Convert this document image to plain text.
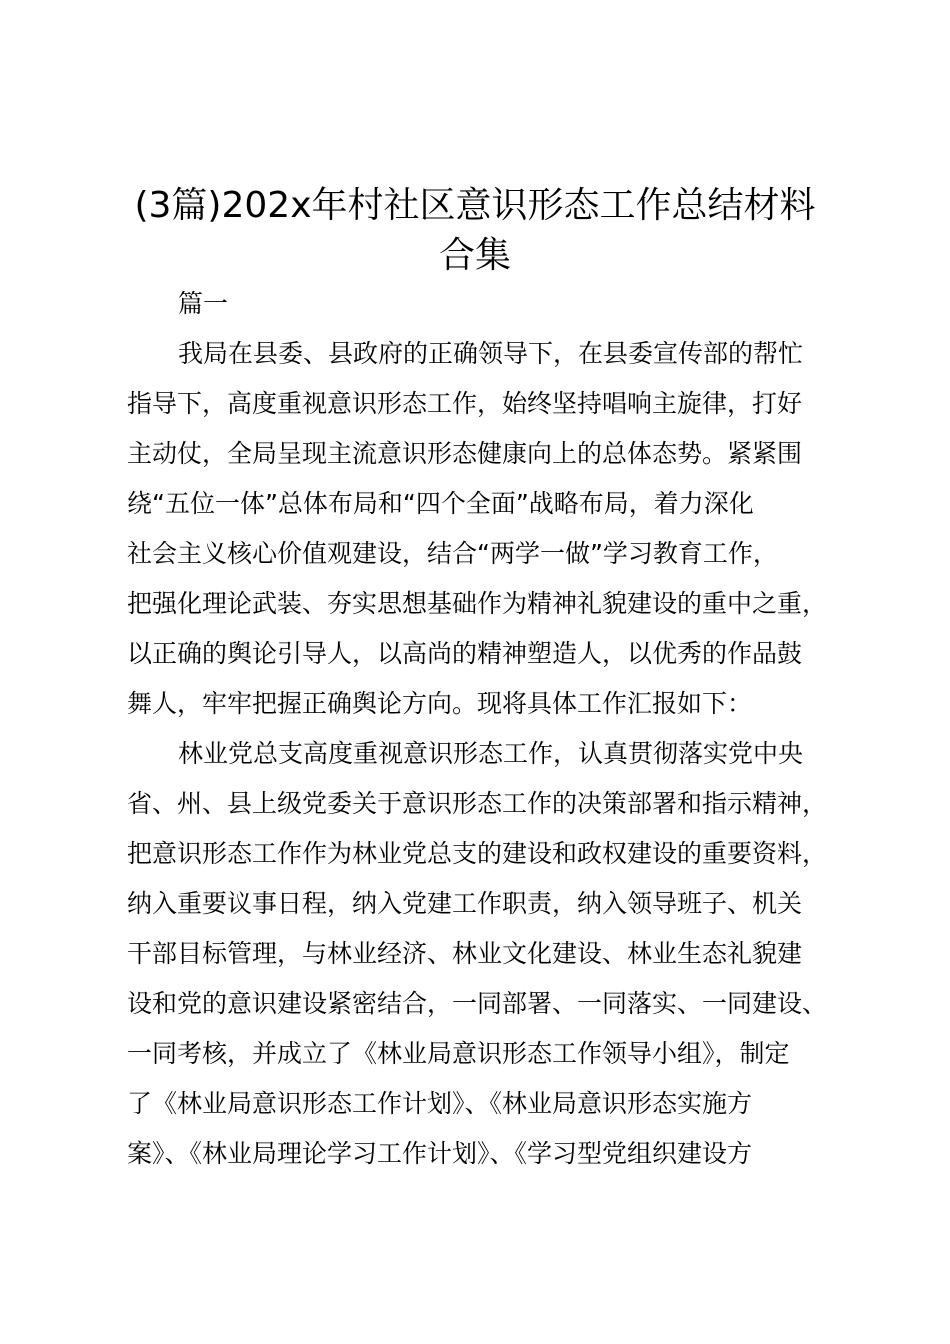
(3篇)202x年村社区意识形态工作总结材料
合集

篇一

我局在县委、县政府的正确领导下，在县委宣传部的帮忙

指导下，高度重视意识形态工作，始终坚持唱响主旋律，打好

主动仗，全局呈现主流意识形态健康向上的总体态势。紧紧围

绕“五位一体”总体布局和“四个全面”战略布局，着力深化

社会主义核心价值观建设，结合“两学一做”学习教育工作，

把强化理论武装、夯实思想基础作为精神礼貌建设的重中之重，

以正确的舆论引导人，以高尚的精神塑造人，以优秀的作品鼓

舞人，牢牢把握正确舆论方向。现将具体工作汇报如下：

林业党总支高度重视意识形态工作，认真贯彻落实党中央

省、州、县上级党委关于意识形态工作的决策部署和指示精神，

把意识形态工作作为林业党总支的建设和政权建设的重要资料，

纳入重要议事日程，纳入党建工作职责，纳入领导班子、机关

干部目标管理，与林业经济、林业文化建设、林业生态礼貌建

设和党的意识建设紧密结合，一同部署、一同落实、一同建设、

一同考核，并成立了《林业局意识形态工作领导小组》，制定

了《林业局意识形态工作计划》、《林业局意识形态实施方

案》、《林业局理论学习工作计划》、《学习型党组织建设方
